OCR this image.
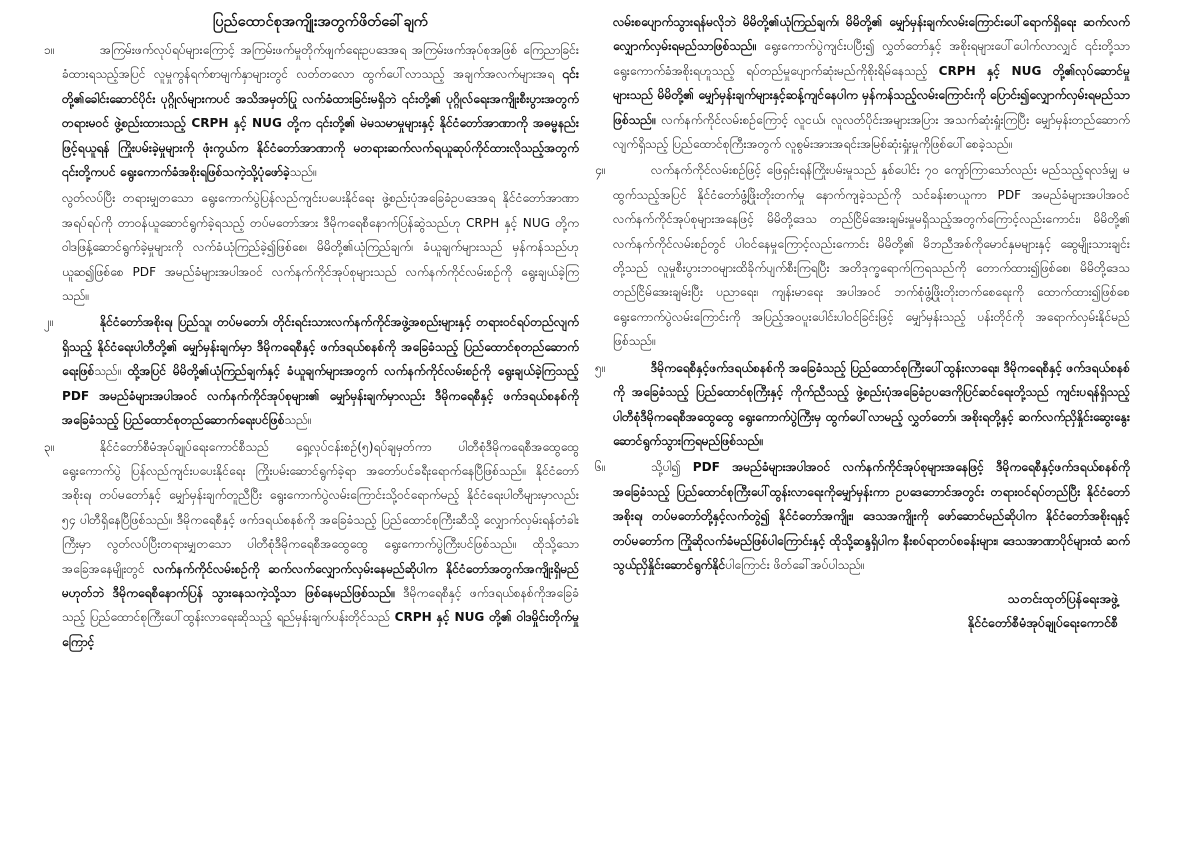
ပြည်ထောင်စုအကျိုးအတွက်ဖိတ်ခေါ်ချက်

၁။	အကြမ်းဖက်လုပ်ရပ်များကြောင့် အကြမ်းဖက်မှုတိုက်ဖျက်ရေးဥပဒေအရ အကြမ်းဖက်အုပ်စုအဖြစ် ကြေညာခြင်းခံထားရသည့်အပြင် လူမှုကွန်ရက်စာမျက်နှာများတွင် လတ်တလော ထွက်ပေါ်လာသည့် အချက်အလက်များအရ ၎င်းတို့၏ခေါင်းဆောင်ပိုင်း ပုဂ္ဂိုလ်များကပင် အသိအမှတ်ပြု လက်ခံထားခြင်းမရှိဘဲ ၎င်းတို့၏ ပုဂ္ဂိုလ်ရေးအကျိုးစီးပွားအတွက် တရားမဝင် ဖွဲ့စည်းထားသည့် CRPH နှင့် NUG တို့က ၎င်းတို့၏ မဲမသမာမှုများနှင့် နိုင်ငံတော်အာဏာကို အဓမ္မနည်းဖြင့်ရယူရန် ကြိုးပမ်းခဲ့မှုများကို ဖုံးကွယ်က နိုင်ငံတော်အာဏာကို မတရားဆက်လက်ရယူဆုပ်ကိုင်ထားလိုသည့်အတွက် ၎င်းတို့ကပင် ရွေးကောက်ခံအစိုးရဖြစ်သကဲ့သို့ပုံဖော်ခဲ့သည်။

လွတ်လပ်ပြီး တရားမျှတသော ရွေးကောက်ပွဲပြန်လည်ကျင်းပပေးနိုင်ရေး ဖွဲ့စည်းပုံအခြေခံဥပဒေအရ နိုင်ငံတော်အာဏာအရပ်ရပ်ကို တာဝန်ယူဆောင်ရွက်ခဲ့ရသည့် တပ်မတော်အား ဒီမိုကရေစီနောက်ပြန်ဆွဲသည်ဟု CRPH နှင့် NUG တို့က ဝါဒဖြန့်ဆောင်ရွက်ခဲ့မှုများကို လက်ခံယုံကြည်ခဲ့၍ဖြစ်စေ၊ မိမိတို့၏ယုံကြည်ချက်၊ ခံယူချက်များသည် မှန်ကန်သည်ဟု ယူဆ၍ဖြစ်စေ PDF အမည်ခံများအပါအဝင် လက်နက်ကိုင်အုပ်စုများသည် လက်နက်ကိုင်လမ်းစဉ်ကို ရွေးချယ်ခဲ့ကြသည်။

၂။	နိုင်ငံတော်အစိုးရ၊ ပြည်သူ၊ တပ်မတော်၊ တိုင်းရင်းသားလက်နက်ကိုင်အဖွဲ့အစည်းများနှင့် တရားဝင်ရပ်တည်လျက်ရှိသည့် နိုင်ငံရေးပါတီတို့၏ မျှော်မှန်းချက်မှာ ဒီမိုကရေစီနှင့် ဖက်ဒရယ်စနစ်ကို အခြေခံသည့် ပြည်ထောင်စုတည်ဆောက်ရေးဖြစ်သည်။ ထို့အပြင် မိမိတို့၏ယုံကြည်ချက်နှင့် ခံယူချက်များအတွက် လက်နက်ကိုင်လမ်းစဉ်ကို ရွေးချယ်ခဲ့ကြသည့် PDF အမည်ခံများအပါအဝင် လက်နက်ကိုင်အုပ်စုများ၏ မျှော်မှန်းချက်မှာလည်း ဒီမိုကရေစီနှင့် ဖက်ဒရယ်စနစ်ကို အခြေခံသည့် ပြည်ထောင်စုတည်ဆောက်ရေးပင်ဖြစ်သည်။

၃။	နိုင်ငံတော်စီမံအုပ်ချုပ်ရေးကောင်စီသည် ရှေ့လုပ်ငန်းစဉ်(၅)ရပ်ချမှတ်ကာ ပါတီစုံဒီမိုကရေစီအထွေထွေ ရွေးကောက်ပွဲ ပြန်လည်ကျင်းပပေးနိုင်ရေး ကြိုးပမ်းဆောင်ရွက်ခဲ့ရာ အတော်ပင်ခရီးရောက်နေပြီဖြစ်သည်။ နိုင်ငံတော်အစိုးရ၊ တပ်မတော်နှင့် မျှော်မှန်းချက်တူညီပြီး ရွေးကောက်ပွဲလမ်းကြောင်းသို့ဝင်ရောက်မည့် နိုင်ငံရေးပါတီများမှာလည်း ၅၄ ပါတီရှိနေပြီဖြစ်သည်။ ဒီမိုကရေစီနှင့် ဖက်ဒရယ်စနစ်ကို အခြေခံသည့် ပြည်ထောင်စုကြီးဆီသို့ လျှောက်လှမ်းရန်တံခါးကြီးမှာ လွတ်လပ်ပြီးတရားမျှတသော ပါတီစုံဒီမိုကရေစီအထွေထွေ ရွေးကောက်ပွဲကြီးပင်ဖြစ်သည်။ ထိုသို့သောအခြေအနေမျိုးတွင် လက်နက်ကိုင်လမ်းစဉ်ကို ဆက်လက်လျှောက်လှမ်းနေမည်ဆိုပါက နိုင်ငံတော်အတွက်အကျိုးရှိမည်မဟုတ်ဘဲ ဒီမိုကရေစီနောက်ပြန် သွားနေသကဲ့သို့သာ ဖြစ်နေမည်ဖြစ်သည်။ ဒီမိုကရေစီနှင့် ဖက်ဒရယ်စနစ်ကိုအခြေခံသည့် ပြည်ထောင်စုကြီးပေါ်ထွန်းလာရေးဆိုသည့် ရည်မှန်းချက်ပန်းတိုင်သည် CRPH နှင့် NUG တို့၏ ဝါဒမှိုင်းတိုက်မှုကြောင့်

လမ်းစပျောက်သွားရန်မလိုဘဲ မိမိတို့၏ယုံကြည်ချက်၊ မိမိတို့၏ မျှော်မှန်းချက်လမ်းကြောင်းပေါ်ရောက်ရှိရေး ဆက်လက်လျှောက်လှမ်းရမည်သာဖြစ်သည်။ ရွေးကောက်ပွဲကျင်းပပြီး၍ လွှတ်တော်နှင့် အစိုးရများပေါ်ပေါက်လာလျှင် ၎င်းတို့သာ ရွေးကောက်ခံအစိုးရဟူသည့် ရပ်တည်မှုပျောက်ဆုံးမည်ကိုစိုးရိမ်နေသည့် CRPH နှင့် NUG တို့၏လုပ်ဆောင်မှုများသည် မိမိတို့၏ မျှော်မှန်းချက်များနှင့်ဆန့်ကျင်နေပါက မှန်ကန်သည့်လမ်းကြောင်းကို ပြောင်း၍လျှောက်လှမ်းရမည်သာ ဖြစ်သည်။ လက်နက်ကိုင်လမ်းစဉ်ကြောင့် လူငယ်၊ လူလတ်ပိုင်းအများအပြား အသက်ဆုံးရှုံးကြပြီး မျှော်မှန်းတည်ဆောက်လျက်ရှိသည့် ပြည်ထောင်စုကြီးအတွက် လူစွမ်းအားအရင်းအမြစ်ဆုံးရှုံးမှုကိုဖြစ်ပေါ်စေခဲ့သည်။

၄။	လက်နက်ကိုင်လမ်းစဉ်ဖြင့် ဖြေရှင်းရန်ကြိုးပမ်းမှုသည် နှစ်ပေါင်း ၇၀ ကျော်ကြာသော်လည်း မည်သည့်ရလဒ်မျှ မထွက်သည့်အပြင် နိုင်ငံတော်ဖွံ့ဖြိုးတိုးတက်မှု နောက်ကျခဲ့သည်ကို သင်ခန်းစာယူကာ PDF အမည်ခံများအပါအဝင် လက်နက်ကိုင်အုပ်စုများအနေဖြင့် မိမိတို့ဒေသ တည်ငြိမ်အေးချမ်းမှုမရှိသည့်အတွက်ကြောင့်လည်းကောင်း၊ မိမိတို့၏ လက်နက်ကိုင်လမ်းစဉ်တွင် ပါဝင်နေမှုကြောင့်လည်းကောင်း မိမိတို့၏ မိဘညီအစ်ကိုမောင်နှမများနှင့် ဆွေမျိုးသားချင်းတို့သည် လူမှုစီးပွားဘဝများထိခိုက်ပျက်စီးကြရပြီး အတိဒုက္ခရောက်ကြရသည်ကို တောက်ထား၍ဖြစ်စေ၊ မိမိတို့ဒေသတည်ငြိမ်အေးချမ်းပြီး ပညာရေး၊ ကျန်းမာရေး အပါအဝင် ဘက်စုံဖွံ့ဖြိုးတိုးတက်စေရေးကို ထောက်ထား၍ဖြစ်စေ ရွေးကောက်ပွဲလမ်းကြောင်းကို အပြည့်အဝပူးပေါင်းပါဝင်ခြင်းဖြင့် မျှော်မှန်းသည့် ပန်းတိုင်ကို အရောက်လှမ်းနိုင်မည်ဖြစ်သည်။

၅။	ဒီမိုကရေစီနှင့်ဖက်ဒရယ်စနစ်ကို အခြေခံသည့် ပြည်ထောင်စုကြီးပေါ်ထွန်းလာရေး၊ ဒီမိုကရေစီနှင့် ဖက်ဒရယ်စနစ်ကို အခြေခံသည့် ပြည်ထောင်စုကြီးနှင့် ကိုက်ညီသည့် ဖွဲ့စည်းပုံအခြေခံဥပဒေကိုပြင်ဆင်ရေးတို့သည် ကျင်းပရန်ရှိသည့် ပါတီစုံဒီမိုကရေစီအထွေထွေ ရွေးကောက်ပွဲကြီးမှ ထွက်ပေါ်လာမည့် လွှတ်တော်၊ အစိုးရတို့နှင့် ဆက်လက်ညှိနှိုင်းဆွေးနွေးဆောင်ရွက်သွားကြရမည်ဖြစ်သည်။

၆။	သို့ပါ၍ PDF အမည်ခံများအပါအဝင် လက်နက်ကိုင်အုပ်စုများအနေဖြင့် ဒီမိုကရေစီနှင့်ဖက်ဒရယ်စနစ်ကိုအခြေခံသည့် ပြည်ထောင်စုကြီးပေါ်ထွန်းလာရေးကိုမျှော်မှန်းကာ ဥပဒေဘောင်အတွင်း တရားဝင်ရပ်တည်ပြီး နိုင်ငံတော်အစိုးရ၊ တပ်မတော်တို့နှင့်လက်တွဲ၍ နိုင်ငံတော်အကျိုး၊ ဒေသအကျိုးကို ဖော်ဆောင်မည်ဆိုပါက နိုင်ငံတော်အစိုးရနှင့် တပ်မတော်က ကြိုဆိုလက်ခံမည်ဖြစ်ပါကြောင်းနှင့် ထိုသို့ဆန္ဒရှိပါက နီးစပ်ရာတပ်စခန်းများ၊ ဒေသအာဏာပိုင်များထံ ဆက်သွယ်ညှိနှိုင်းဆောင်ရွက်နိုင်ပါကြောင်း ဖိတ်ခေါ်အပ်ပါသည်။

သတင်းထုတ်ပြန်ရေးအဖွဲ့
နိုင်ငံတော်စီမံအုပ်ချုပ်ရေးကောင်စီ
